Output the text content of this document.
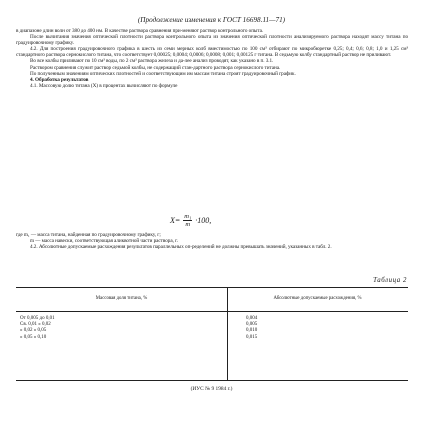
(Продолжение изменения к ГОСТ 16698.11—71)

в диапазоне длин волн от 380 до 400 нм. В качестве раствора сравнения при-меняют раствор контрольного опыта.

После вычитания значения оптической плотности раствора контрольного опыта из значения оптической плотности анализируемого раствора находят массу титана по градуировочному графику.

4.2. Для построения градуировочного графика в шесть из семи мерных колб вместимостью по 100 см³ отбирают по микробюретке 0,25; 0,4; 0,6; 0,8; 1,0 и 1,25 см³ стандартного раствора сернокислого титана, что соответствует 0,00025; 0,0004; 0,0006; 0,0008; 0,001; 0,00125 г титана. В седьмую колбу стандартный раствор не приливают.

Во все колбы приливают по 10 см³ воды, по 2 см³ раствора железа и да-лее анализ проводят, как указано в п. 3.1.

Раствором сравнения служит раствор седьмой колбы, не содержащий стан-дартного раствора сернокислого титана.

По полученным значениям оптических плотностей и соответствующим им массам титана строят градуировочный график.

4. Обработка результатов

4.1. Массовую долю титана (X) в процентах вычисляют по формуле

$X= \frac{\text{m₁}}{m} \cdot 100$,

где m₁ — масса титана, найденная по градуировочному графику, г;

m — масса навески, соответствующая аликвотной части раствора, г.

4.2. Абсолютные допускаемые расхождения результатов параллельных оп-ределений не должны превышать значений, указанных в табл. 2.

Таблица 2
Массовая доля титана, %	Абсолютные допускаемые расхождения, %
От 0,005 до 0,01
Св. 0,01 » 0,02
» 0,02 » 0,05
» 0,05 » 0,10
0,004
0,005
0,010
0,015
(ИУС № 9 1984 г.)
